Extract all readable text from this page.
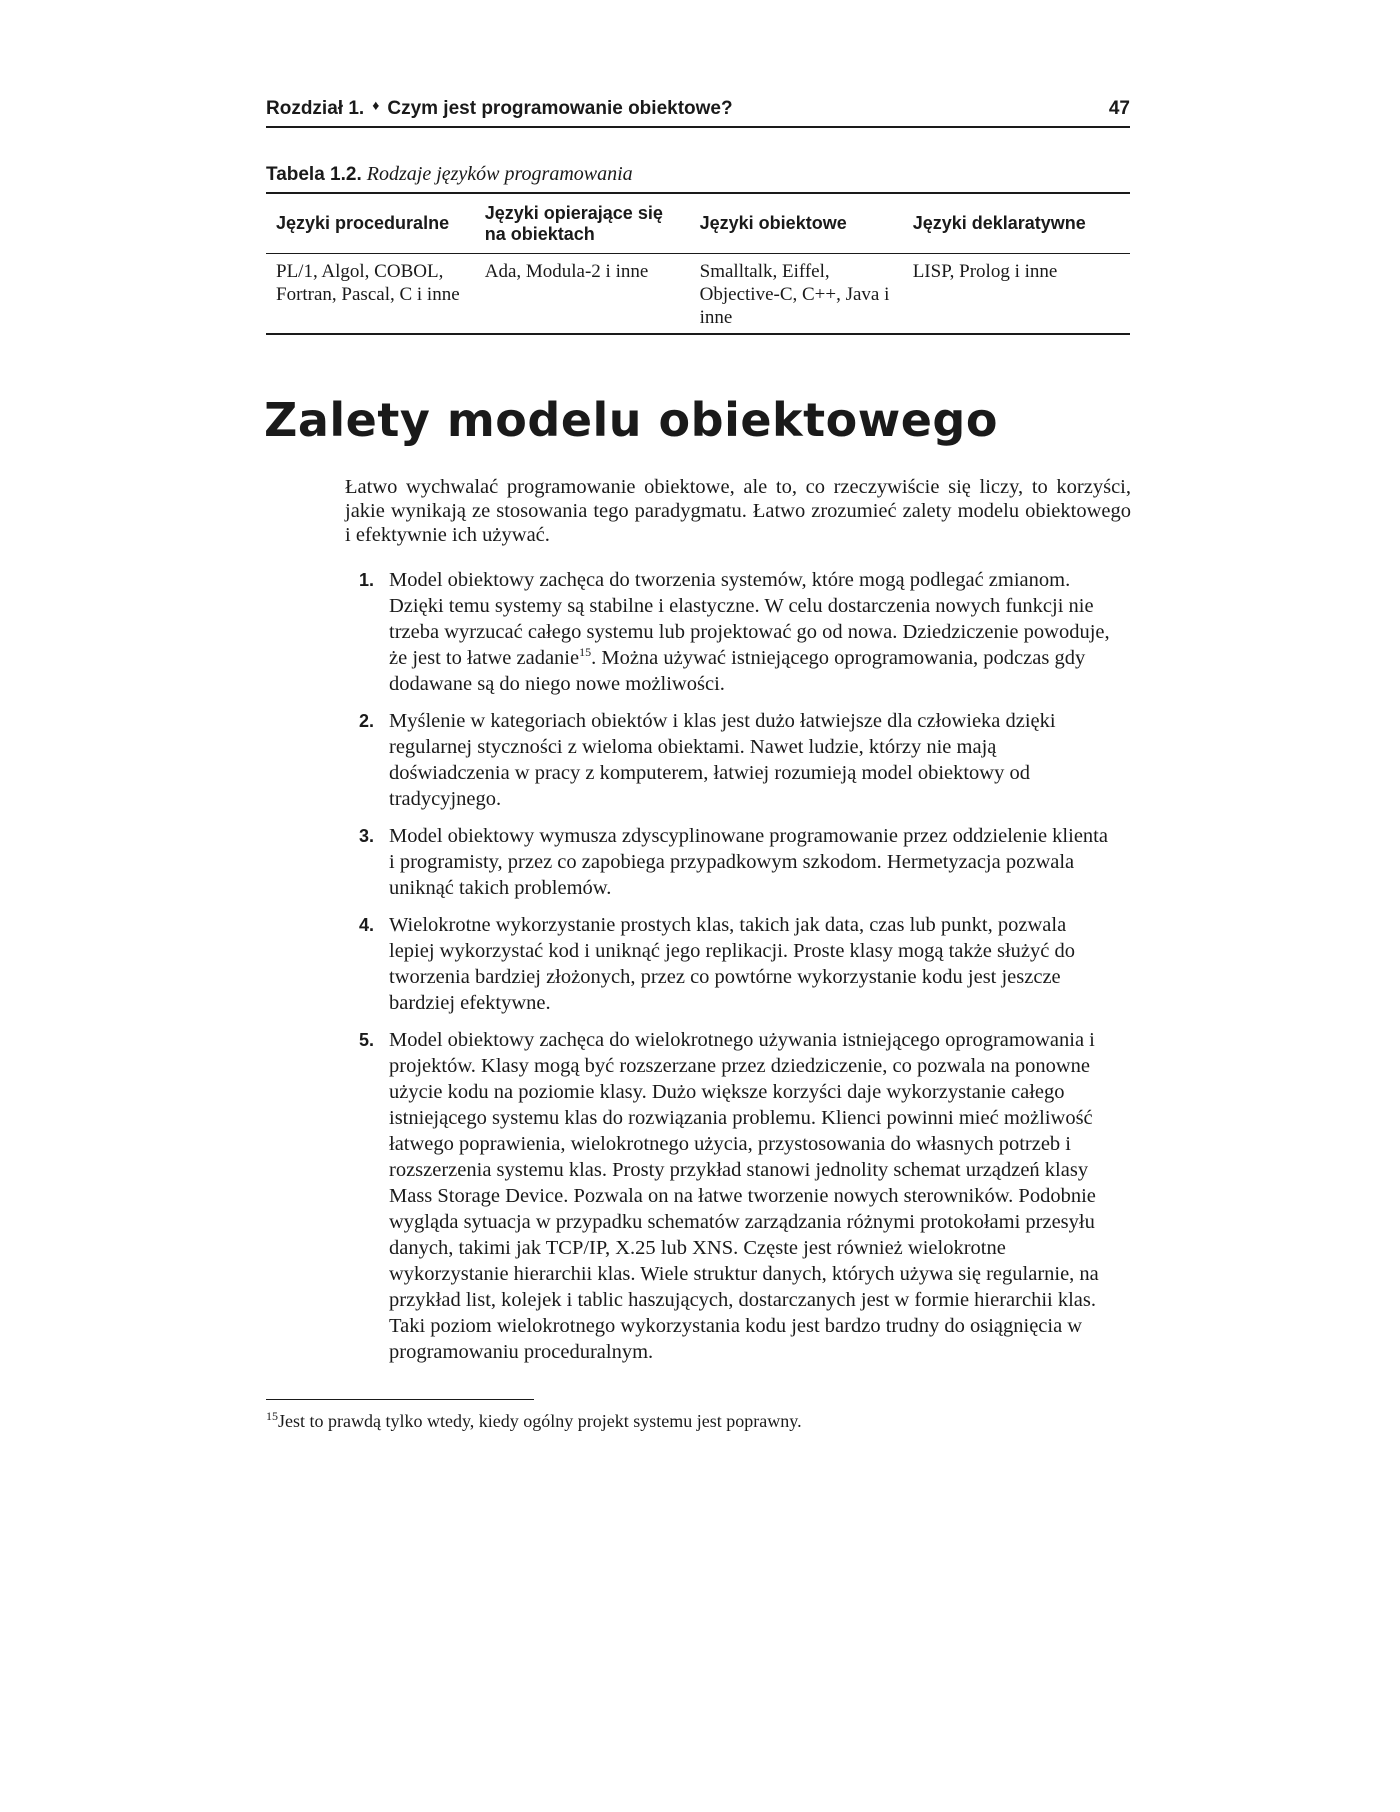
Rozdział 1. ♦ Czym jest programowanie obiektowe?	47
Tabela 1.2. Rodzaje języków programowania
Języki proceduralne	Języki opierające się na obiektach	Języki obiektowe	Języki deklaratywne
PL/1, Algol, COBOL, Fortran, Pascal, C i inne	Ada, Modula-2 i inne	Smalltalk, Eiffel, Objective-C, C++, Java i inne	LISP, Prolog i inne
Zalety modelu obiektowego

Łatwo wychwalać programowanie obiektowe, ale to, co rzeczywiście się liczy, to korzyści, jakie wynikają ze stosowania tego paradygmatu. Łatwo zrozumieć zalety modelu obiektowego i efektywnie ich używać.

1. Model obiektowy zachęca do tworzenia systemów, które mogą podlegać zmianom. Dzięki temu systemy są stabilne i elastyczne. W celu dostarczenia nowych funkcji nie trzeba wyrzucać całego systemu lub projektować go od nowa. Dziedziczenie powoduje, że jest to łatwe zadanie$^{15}$. Można używać istniejącego oprogramowania, podczas gdy dodawane są do niego nowe możliwości.
2. Myślenie w kategoriach obiektów i klas jest dużo łatwiejsze dla człowieka dzięki regularnej styczności z wieloma obiektami. Nawet ludzie, którzy nie mają doświadczenia w pracy z komputerem, łatwiej rozumieją model obiektowy od tradycyjnego.
3. Model obiektowy wymusza zdyscyplinowane programowanie przez oddzielenie klienta i programisty, przez co zapobiega przypadkowym szkodom. Hermetyzacja pozwala uniknąć takich problemów.
4. Wielokrotne wykorzystanie prostych klas, takich jak data, czas lub punkt, pozwala lepiej wykorzystać kod i uniknąć jego replikacji. Proste klasy mogą także służyć do tworzenia bardziej złożonych, przez co powtórne wykorzystanie kodu jest jeszcze bardziej efektywne.
5. Model obiektowy zachęca do wielokrotnego używania istniejącego oprogramowania i projektów. Klasy mogą być rozszerzane przez dziedziczenie, co pozwala na ponowne użycie kodu na poziomie klasy. Dużo większe korzyści daje wykorzystanie całego istniejącego systemu klas do rozwiązania problemu. Klienci powinni mieć możliwość łatwego poprawienia, wielokrotnego użycia, przystosowania do własnych potrzeb i rozszerzenia systemu klas. Prosty przykład stanowi jednolity schemat urządzeń klasy Mass Storage Device. Pozwala on na łatwe tworzenie nowych sterowników. Podobnie wygląda sytuacja w przypadku schematów zarządzania różnymi protokołami przesyłu danych, takimi jak TCP/IP, X.25 lub XNS. Częste jest również wielokrotne wykorzystanie hierarchii klas. Wiele struktur danych, których używa się regularnie, na przykład list, kolejek i tablic haszujących, dostarczanych jest w formie hierarchii klas. Taki poziom wielokrotnego wykorzystania kodu jest bardzo trudny do osiągnięcia w programowaniu proceduralnym.
$^{15}$Jest to prawdą tylko wtedy, kiedy ogólny projekt systemu jest poprawny.
